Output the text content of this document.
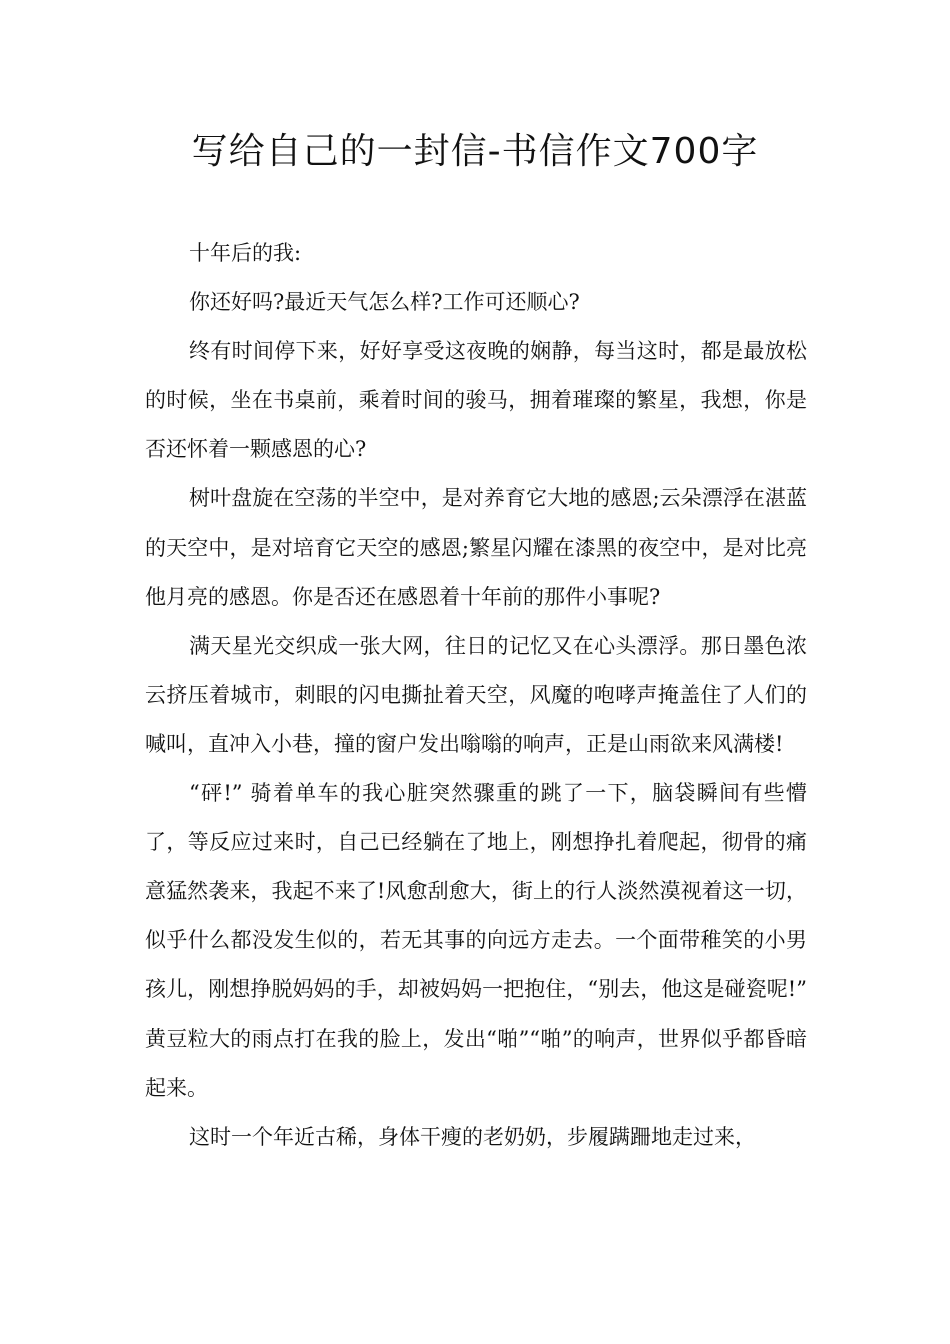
写给自己的一封信-书信作文700字

十年后的我:

你还好吗?最近天气怎么样?工作可还顺心?

终有时间停下来，好好享受这夜晚的娴静，每当这时，都是最放松的时候，坐在书桌前，乘着时间的骏马，拥着璀璨的繁星，我想，你是否还怀着一颗感恩的心?

树叶盘旋在空荡的半空中，是对养育它大地的感恩;云朵漂浮在湛蓝的天空中，是对培育它天空的感恩;繁星闪耀在漆黑的夜空中，是对比亮他月亮的感恩。你是否还在感恩着十年前的那件小事呢?

满天星光交织成一张大网，往日的记忆又在心头漂浮。那日墨色浓云挤压着城市，刺眼的闪电撕扯着天空，风魔的咆哮声掩盖住了人们的喊叫，直冲入小巷，撞的窗户发出嗡嗡的响声，正是山雨欲来风满楼!

“砰!” 骑着单车的我心脏突然骤重的跳了一下，脑袋瞬间有些懵了，等反应过来时，自己已经躺在了地上，刚想挣扎着爬起，彻骨的痛意猛然袭来，我起不来了!风愈刮愈大，街上的行人淡然漠视着这一切，似乎什么都没发生似的，若无其事的向远方走去。一个面带稚笑的小男孩儿，刚想挣脱妈妈的手，却被妈妈一把抱住，“别去，他这是碰瓷呢!” 黄豆粒大的雨点打在我的脸上，发出“啪”“啪”的响声，世界似乎都昏暗起来。

这时一个年近古稀，身体干瘦的老奶奶，步履蹒跚地走过来，
